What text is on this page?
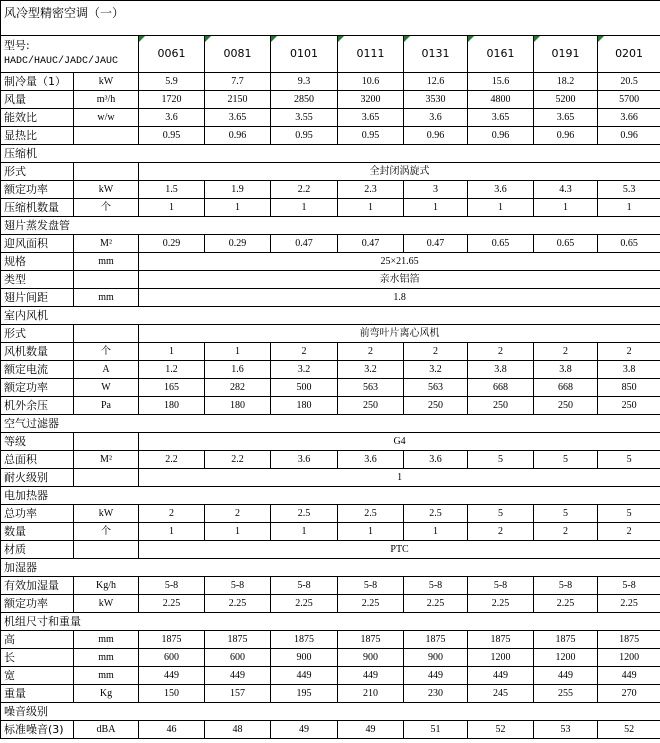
风冷型精密空调（一）									
型号:
HADC/HAUC/JADC/JAUC		0061	0081	0101	0111	0131	0161	0191	0201
制冷量（1）	kW	5.9	7.7	9.3	10.6	12.6	15.6	18.2	20.5
风量	m³/h	1720	2150	2850	3200	3530	4800	5200	5700
能效比	w/w	3.6	3.65	3.55	3.65	3.6	3.65	3.65	3.66
显热比		0.95	0.96	0.95	0.95	0.96	0.96	0.96	0.96
压缩机									
形式		全封闭涡旋式							
额定功率	kW	1.5	1.9	2.2	2.3	3	3.6	4.3	5.3
压缩机数量	个	1	1	1	1	1	1	1	1
翅片蒸发盘管									
迎风面积	M²	0.29	0.29	0.47	0.47	0.47	0.65	0.65	0.65
规格	mm	25×21.65							
类型		亲水铝箔							
翅片间距	mm	1.8							
室内风机									
形式		前弯叶片离心风机							
风机数量	个	1	1	2	2	2	2	2	2
额定电流	A	1.2	1.6	3.2	3.2	3.2	3.8	3.8	3.8
额定功率	W	165	282	500	563	563	668	668	850
机外余压	Pa	180	180	180	250	250	250	250	250
空气过滤器									
等级		G4							
总面积	M²	2.2	2.2	3.6	3.6	3.6	5	5	5
耐火级别		1							
电加热器									
总功率	kW	2	2	2.5	2.5	2.5	5	5	5
数量	个	1	1	1	1	1	2	2	2
材质		PTC							
加湿器									
有效加湿量	Kg/h	5-8	5-8	5-8	5-8	5-8	5-8	5-8	5-8
额定功率	kW	2.25	2.25	2.25	2.25	2.25	2.25	2.25	2.25
机组尺寸和重量									
高	mm	1875	1875	1875	1875	1875	1875	1875	1875
长	mm	600	600	900	900	900	1200	1200	1200
宽	mm	449	449	449	449	449	449	449	449
重量	Kg	150	157	195	210	230	245	255	270
噪音级别									
标准噪音(3)	dBA	46	48	49	49	51	52	53	52
